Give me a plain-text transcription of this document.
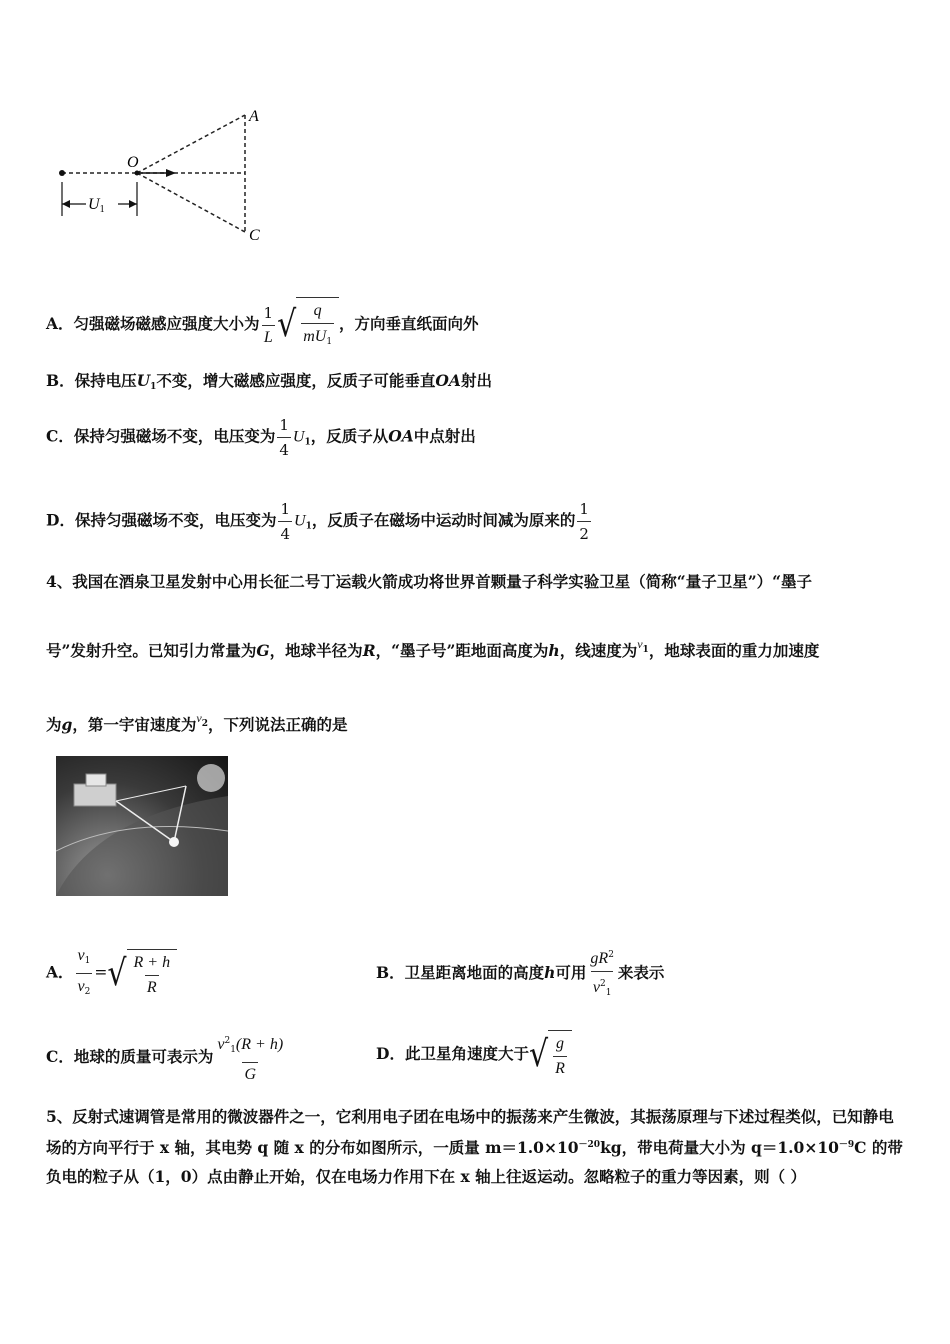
A
O
C
U1
A．匀强磁场磁感应强度大小为 $\frac{1}{L}$ √ $\frac{q}{mU_1}$ ，方向垂直纸面向外
B．保持电压$U_1$不变，增大磁感应强度，反质子可能垂直OA射出
C．保持匀强磁场不变，电压变为 $\frac{1}{4} U_1$，反质子从OA中点射出
D．保持匀强磁场不变，电压变为 $\frac{1}{4} U_1$，反质子在磁场中运动时间减为原来的 $\frac{1}{2}$
4、我国在酒泉卫星发射中心用长征二号丁运载火箭成功将世界首颗量子科学实验卫星（简称“量子卫星”）“墨子
号”发射升空。已知引力常量为G，地球半径为R，“墨子号”距地面高度为h，线速度为$^{v1}$，地球表面的重力加速度
为g，第一宇宙速度为$^{v2}$，下列说法正确的是
A． $\frac{v_1}{v_2}$ = √ $\frac{R + h}{R}$	B．卫星距离地面的高度h可用 $\frac{gR^2}{v^2_1}$ 来表示
C．地球的质量可表示为 $\frac{v^2_1(R + h)}{G}$	D．此卫星角速度大于 √ $\frac{g}{R}$
5、反射式速调管是常用的微波器件之一，它利用电子团在电场中的振荡来产生微波，其振荡原理与下述过程类似，已知静电场的方向平行于 x 轴，其电势 q 随 x 的分布如图所示，一质量 $m=1.0\times 10^{-20}kg$，带电荷量大小为 $q=1.0\times 10^{-9}C$ 的带负电的粒子从（1，0）点由静止开始，仅在电场力作用下在 x 轴上往返运动。忽略粒子的重力等因素，则（ ）
